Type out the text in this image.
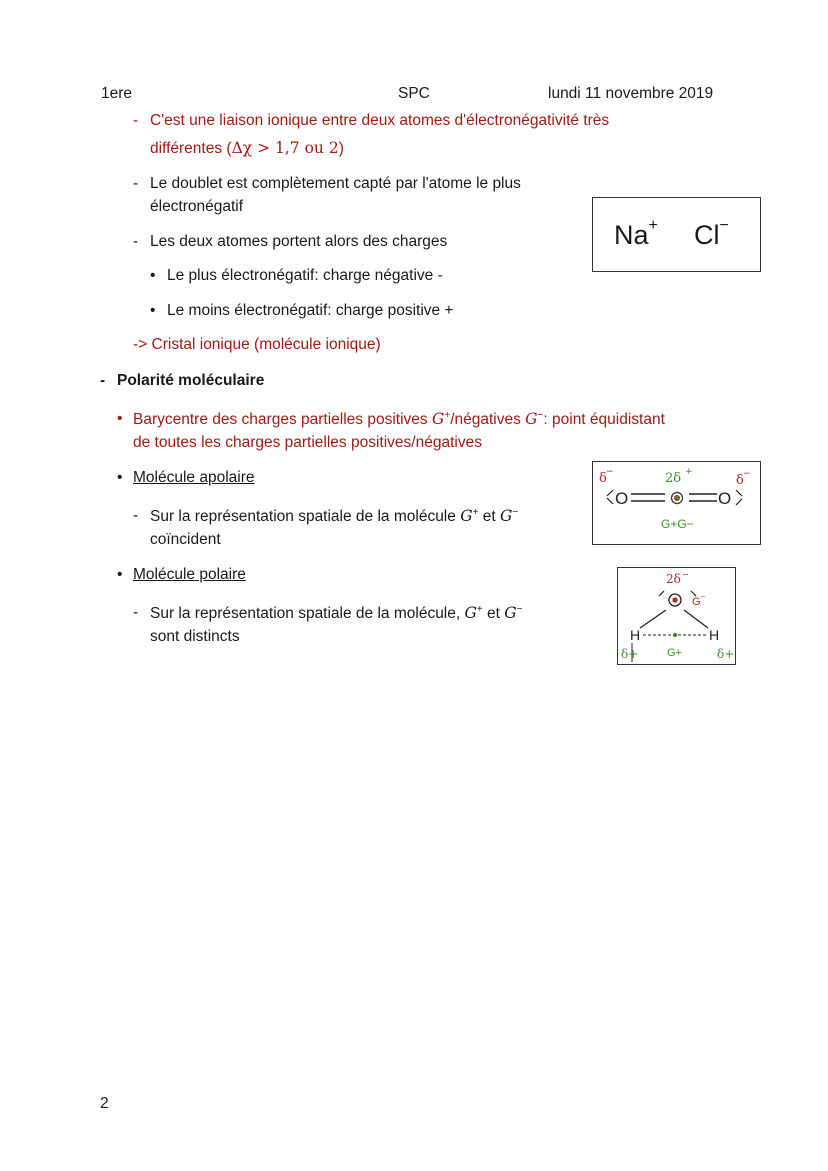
1ere	SPC	lundi 11 novembre 2019
- C'est une liaison ionique entre deux atomes d'électronégativité très
différentes (Δχ > 1,7 ou 2)
- Le doublet est complètement capté par l'atome le plus
électronégatif
- Les deux atomes portent alors des charges
• Le plus électronégatif: charge négative -
• Le moins électronégatif: charge positive +
-> Cristal ionique (molécule ionique)
Na+ Cl−
- Polarité moléculaire
• Barycentre des charges partielles positives G+/négatives G−: point équidistant
de toutes les charges partielles positives/négatives
• Molécule apolaire
- Sur la représentation spatiale de la molécule G+ et G−
coïncident
• Molécule polaire
- Sur la représentation spatiale de la molécule, G+ et G−
sont distincts
δ −	2δ +
δ −
O	O
G+G−
2δ −
G −
H	H
δ+	G+	δ+
2
